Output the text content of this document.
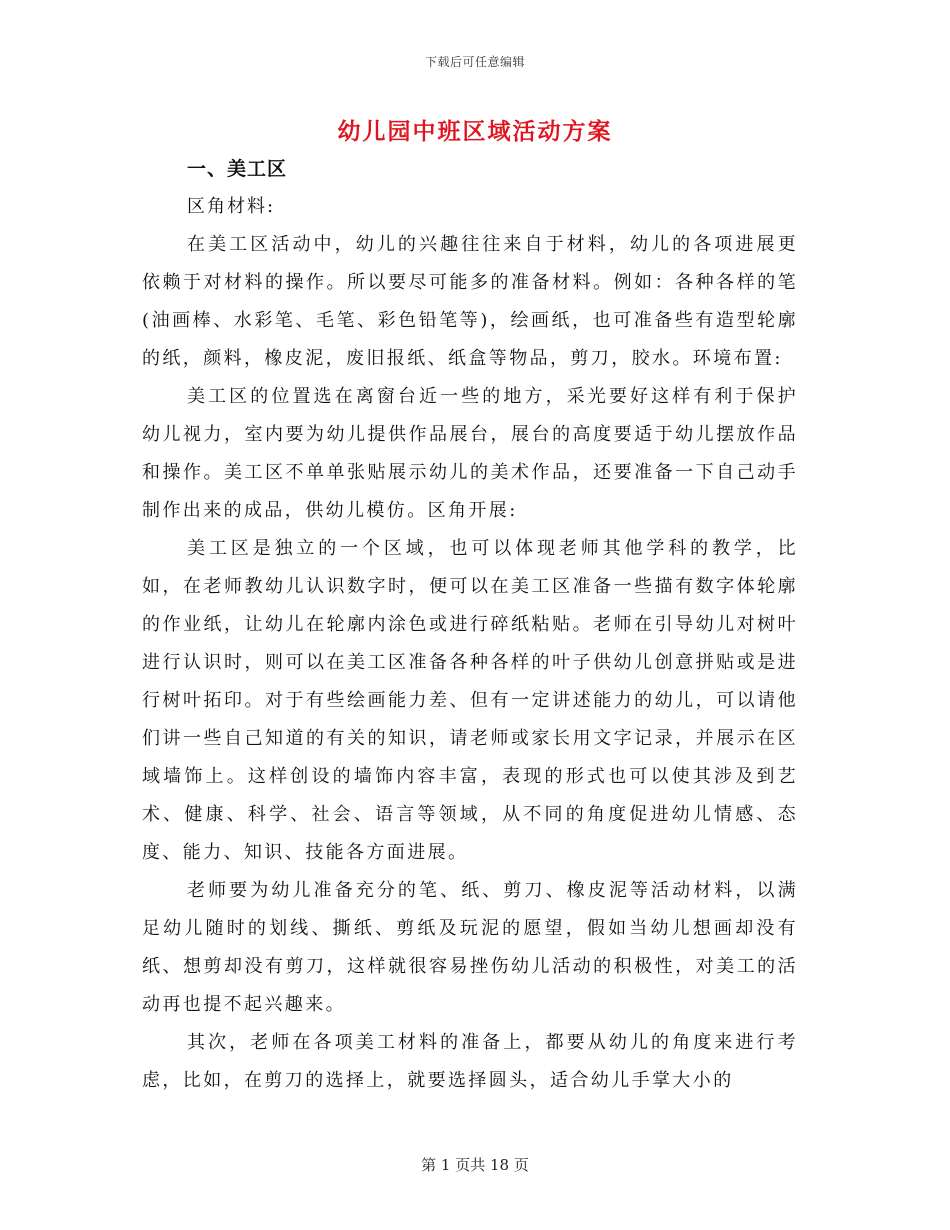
下载后可任意编辑
幼儿园中班区域活动方案
一、美工区

区角材料:

在美工区活动中，幼儿的兴趣往往来自于材料，幼儿的各项进展更依赖于对材料的操作。所以要尽可能多的准备材料。例如：各种各样的笔(油画棒、水彩笔、毛笔、彩色铅笔等)，绘画纸，也可准备些有造型轮廓的纸，颜料，橡皮泥，废旧报纸、纸盒等物品，剪刀，胶水。环境布置:

美工区的位置选在离窗台近一些的地方，采光要好这样有利于保护幼儿视力，室内要为幼儿提供作品展台，展台的高度要适于幼儿摆放作品和操作。美工区不单单张贴展示幼儿的美术作品，还要准备一下自己动手制作出来的成品，供幼儿模仿。区角开展:

美工区是独立的一个区域，也可以体现老师其他学科的教学，比如，在老师教幼儿认识数字时，便可以在美工区准备一些描有数字体轮廓的作业纸，让幼儿在轮廓内涂色或进行碎纸粘贴。老师在引导幼儿对树叶进行认识时，则可以在美工区准备各种各样的叶子供幼儿创意拼贴或是进行树叶拓印。对于有些绘画能力差、但有一定讲述能力的幼儿，可以请他们讲一些自己知道的有关的知识，请老师或家长用文字记录，并展示在区域墙饰上。这样创设的墙饰内容丰富，表现的形式也可以使其涉及到艺术、健康、科学、社会、语言等领域，从不同的角度促进幼儿情感、态度、能力、知识、技能各方面进展。

老师要为幼儿准备充分的笔、纸、剪刀、橡皮泥等活动材料，以满足幼儿随时的划线、撕纸、剪纸及玩泥的愿望，假如当幼儿想画却没有纸、想剪却没有剪刀，这样就很容易挫伤幼儿活动的积极性，对美工的活动再也提不起兴趣来。

其次，老师在各项美工材料的准备上，都要从幼儿的角度来进行考虑，比如，在剪刀的选择上，就要选择圆头，适合幼儿手掌大小的

第 1 页共 18 页
